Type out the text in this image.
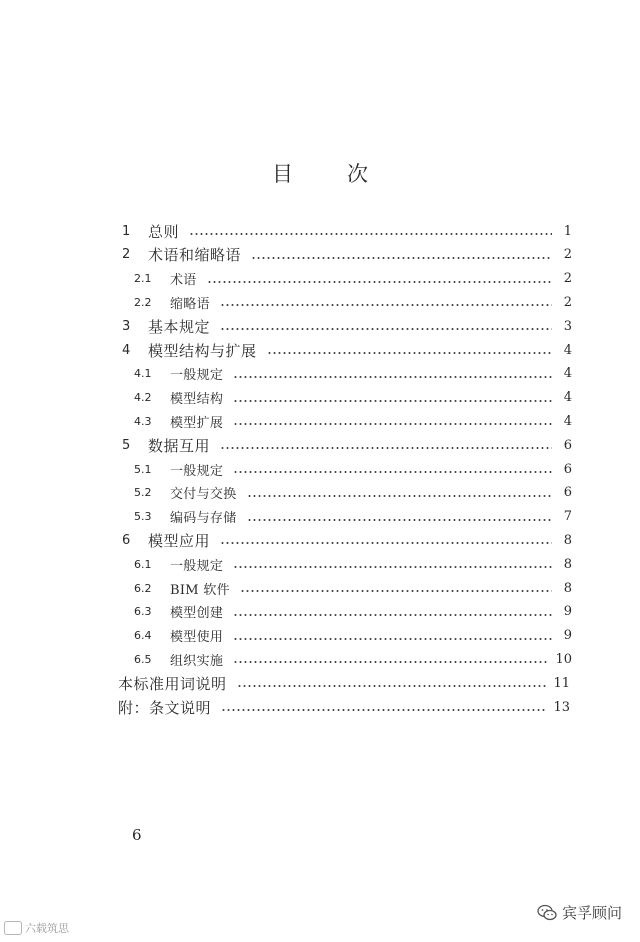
目	次
1	总则	1
2	术语和缩略语	2
2.1	术语	2
2.2	缩略语	2
3	基本规定	3
4	模型结构与扩展	4
4.1	一般规定	4
4.2	模型结构	4
4.3	模型扩展	4
5	数据互用	6
5.1	一般规定	6
5.2	交付与交换	6
5.3	编码与存储	7
6	模型应用	8
6.1	一般规定	8
6.2	BIM 软件	8
6.3	模型创建	9
6.4	模型使用	9
6.5	组织实施	10
本标准用词说明	11
附：条文说明	13
6
六载筑思
宾孚顾问
